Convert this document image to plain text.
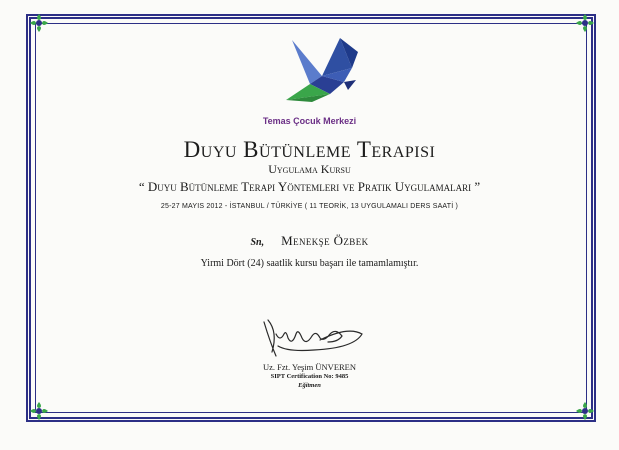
Temas Çocuk Merkezi
Duyu Bütünleme Terapisi
Uygulama Kursu
“ Duyu Bütünleme Terapi Yöntemleri ve Pratik Uygulamaları ”
25-27 MAYIS 2012 - İSTANBUL / TÜRKİYE ( 11 TEORİK, 13 UYGULAMALI DERS SAATİ )
Sn, Menekşe Özbek
Yirmi Dört (24) saatlik kursu başarı ile tamamlamıştır.
Uz. Fzt. Yeşim ÜNVEREN
SIPT Certification No: 9485
Eğitmen
